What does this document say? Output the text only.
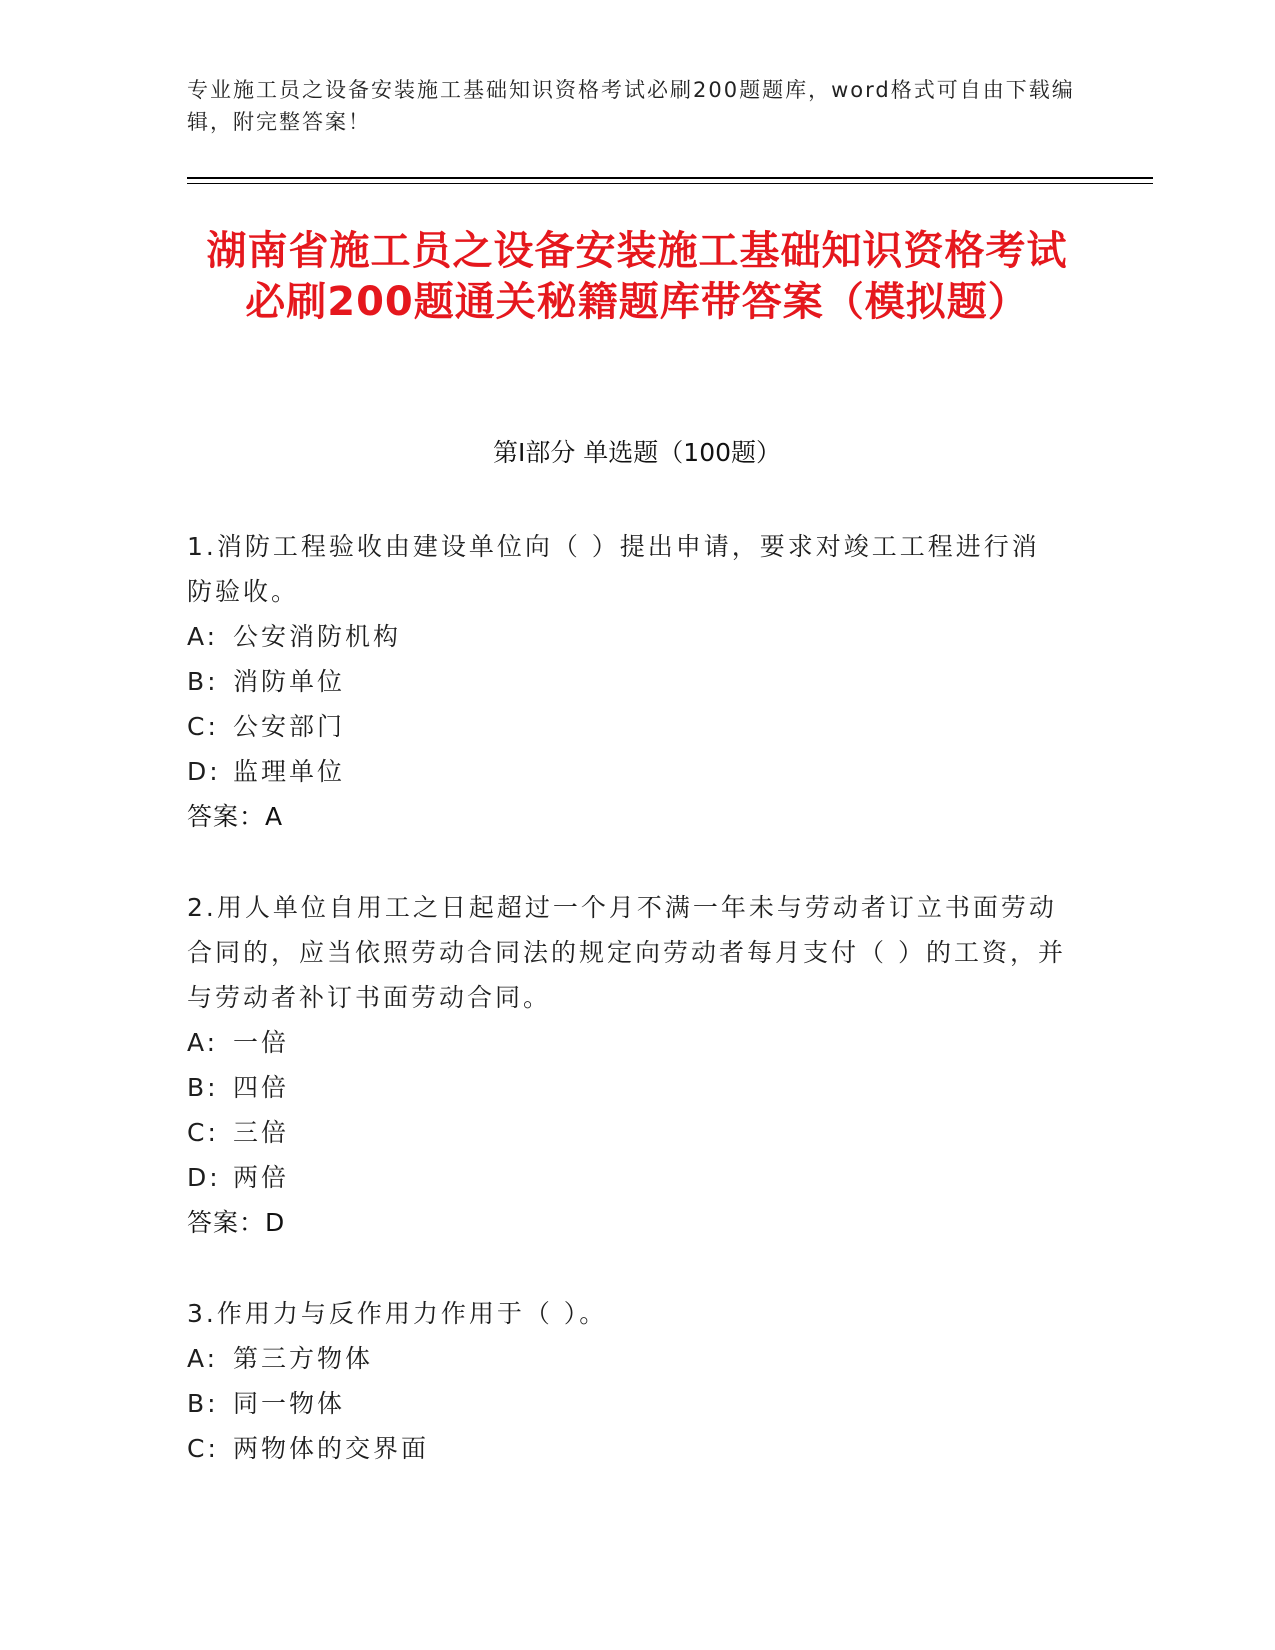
专业施工员之设备安装施工基础知识资格考试必刷200题题库，word格式可自由下载编辑，附完整答案！
湖南省施工员之设备安装施工基础知识资格考试必刷200题通关秘籍题库带答案（模拟题）
第Ⅰ部分 单选题（100题）
1.消防工程验收由建设单位向（ ）提出申请，要求对竣工工程进行消防验收。
A: 公安消防机构
B: 消防单位
C: 公安部门
D: 监理单位
答案：A
2.用人单位自用工之日起超过一个月不满一年未与劳动者订立书面劳动合同的，应当依照劳动合同法的规定向劳动者每月支付（ ）的工资，并与劳动者补订书面劳动合同。
A: 一倍
B: 四倍
C: 三倍
D: 两倍
答案：D
3.作用力与反作用力作用于（ ）。
A: 第三方物体
B: 同一物体
C: 两物体的交界面
